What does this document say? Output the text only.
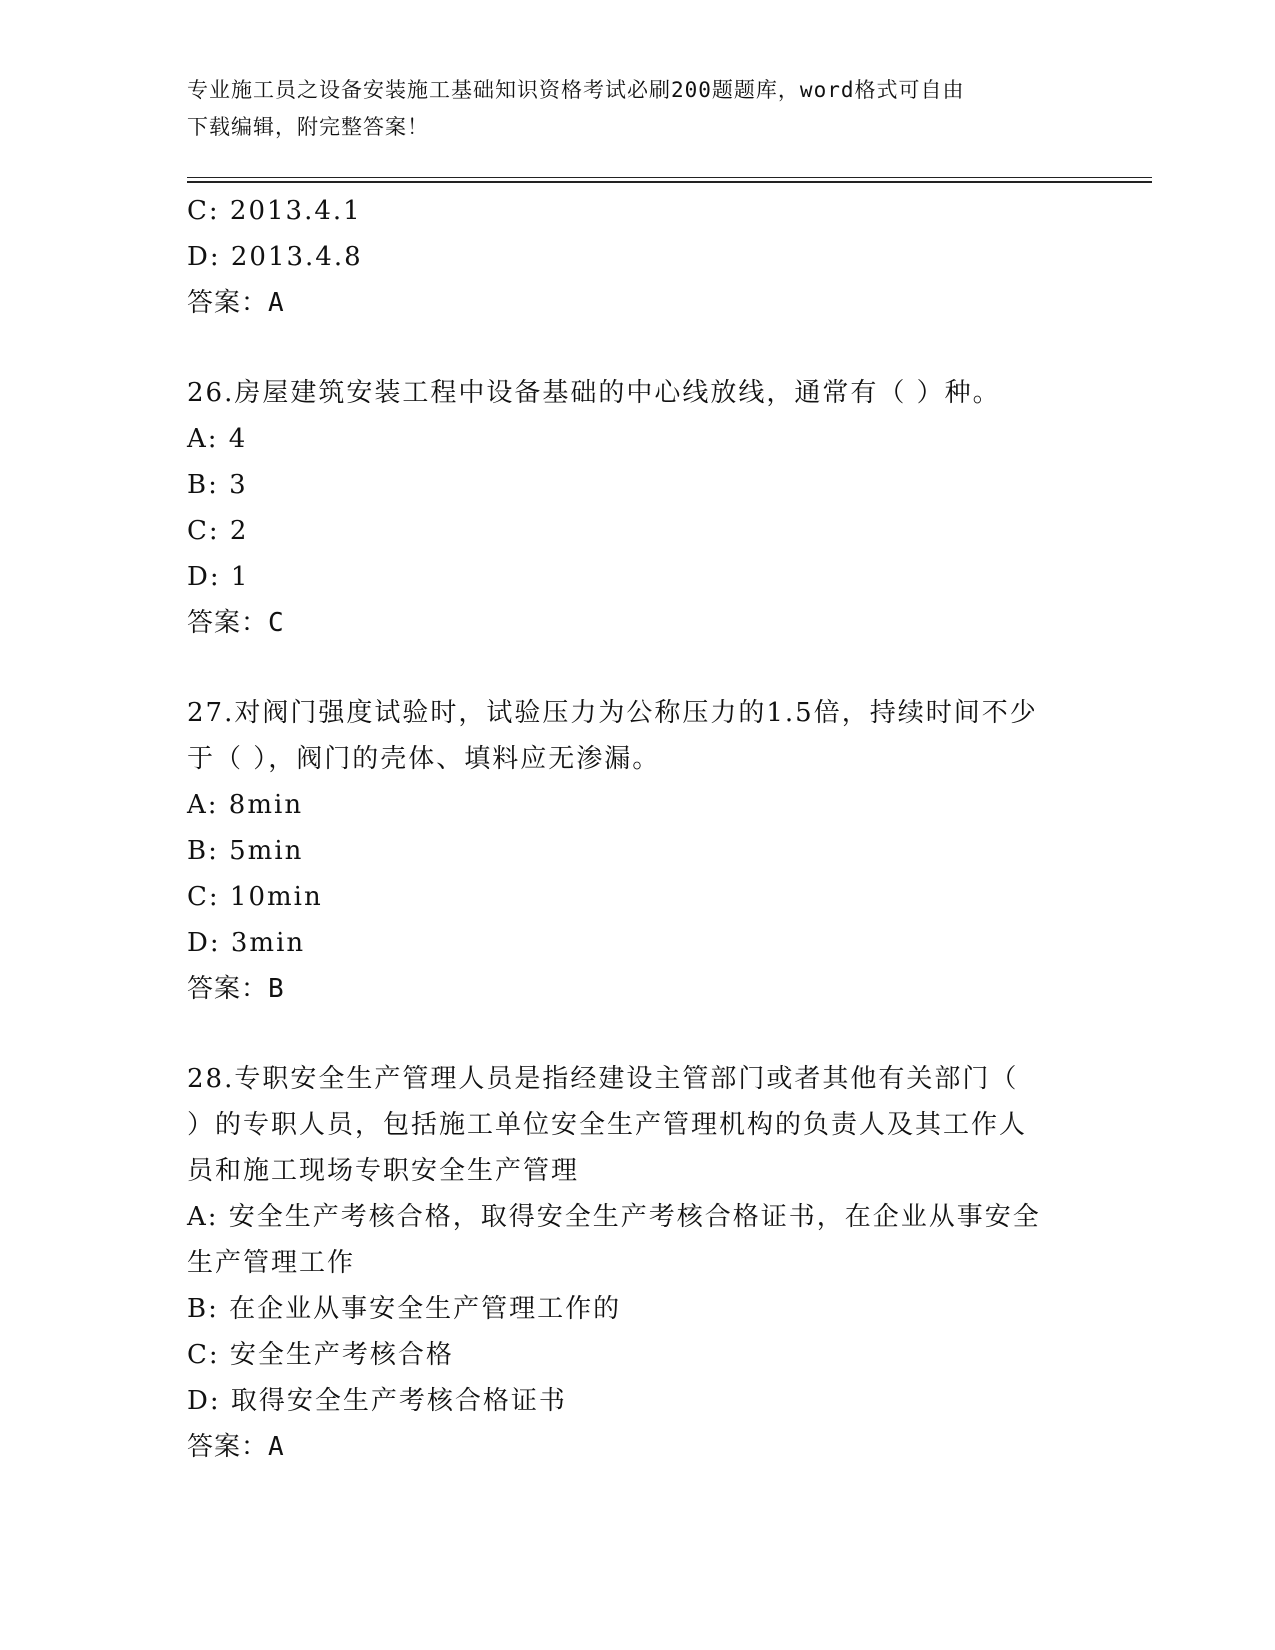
专业施工员之设备安装施工基础知识资格考试必刷200题题库，word格式可自由
下载编辑，附完整答案！
C: 2013.4.1
D: 2013.4.8
答案：A
26.房屋建筑安装工程中设备基础的中心线放线，通常有（ ）种。
A: 4
B: 3
C: 2
D: 1
答案：C
27.对阀门强度试验时，试验压力为公称压力的1.5倍，持续时间不少
于（ ），阀门的壳体、填料应无渗漏。
A: 8min
B: 5min
C: 10min
D: 3min
答案：B
28.专职安全生产管理人员是指经建设主管部门或者其他有关部门（
）的专职人员，包括施工单位安全生产管理机构的负责人及其工作人
员和施工现场专职安全生产管理
A: 安全生产考核合格，取得安全生产考核合格证书，在企业从事安全
生产管理工作
B: 在企业从事安全生产管理工作的
C: 安全生产考核合格
D: 取得安全生产考核合格证书
答案：A
